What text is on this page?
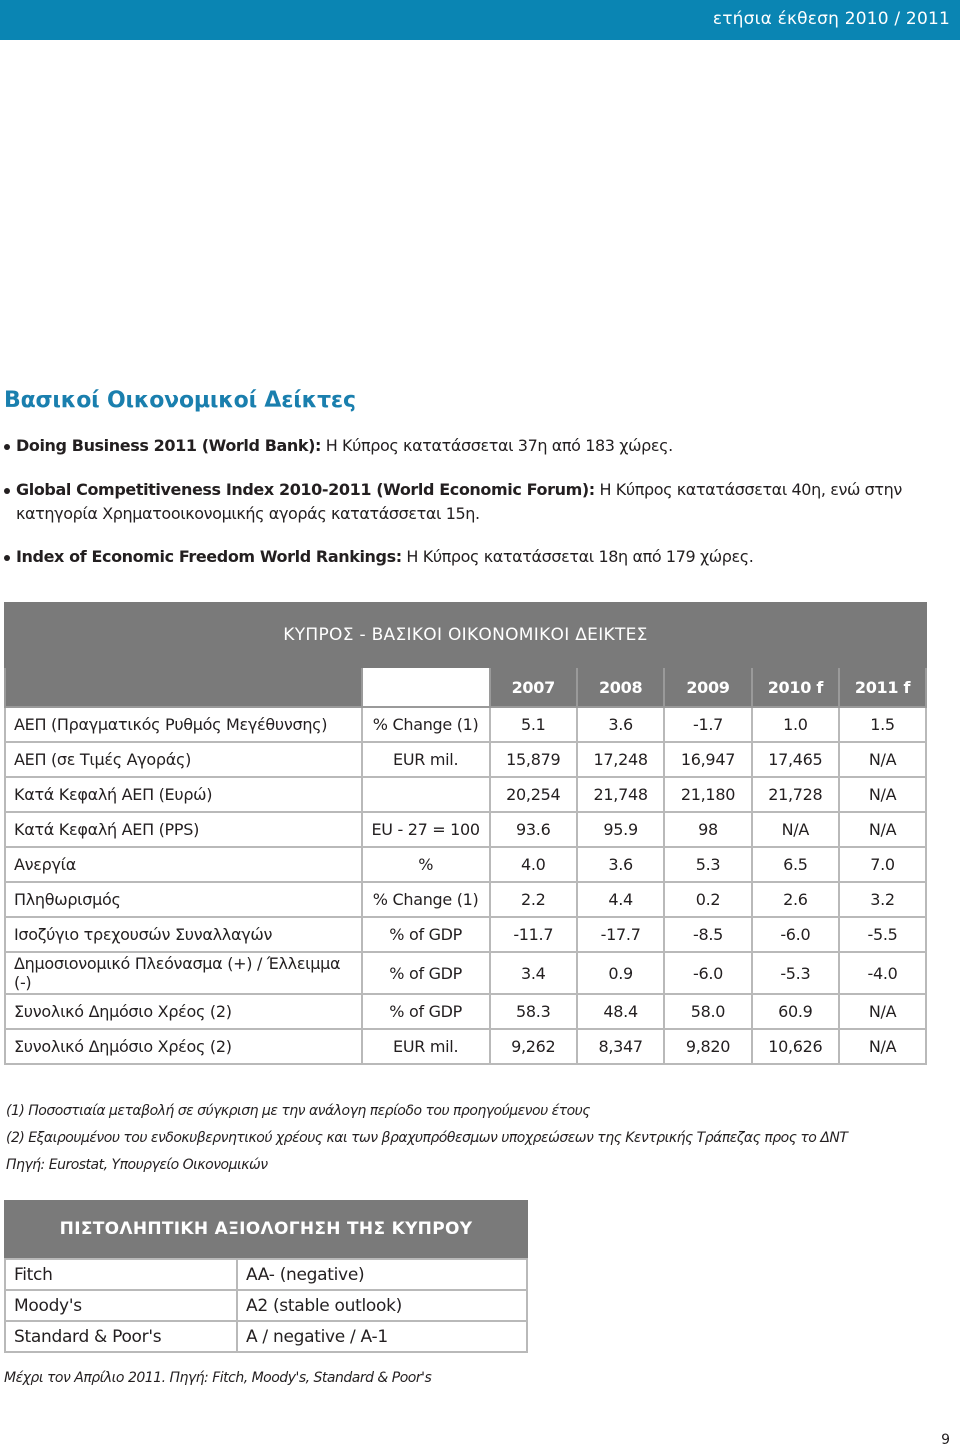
ετήσια έκθεση 2010 / 2011
Βασικοί Οικονομικοί Δείκτες
Doing Business 2011 (World Bank): Η Κύπρος κατατάσσεται 37η από 183 χώρες.
Global Competitiveness Index 2010-2011 (World Economic Forum): Η Κύπρος κατατάσσεται 40η, ενώ στην κατηγορία Χρηματοοικονομικής αγοράς κατατάσσεται 15η.
Index of Economic Freedom World Rankings: Η Κύπρος κατατάσσεται 18η από 179 χώρες.
ΚΥΠΡΟΣ - ΒΑΣΙΚΟΙ ΟΙΚΟΝΟΜΙΚΟΙ ΔΕΙΚΤΕΣ						
		2007	2008	2009	2010 f	2011 f
ΑΕΠ (Πραγματικός Ρυθμός Μεγέθυνσης)	% Change (1)	5.1	3.6	-1.7	1.0	1.5
ΑΕΠ (σε Τιμές Αγοράς)	EUR mil.	15,879	17,248	16,947	17,465	N/A
Κατά Κεφαλή ΑΕΠ (Ευρώ)		20,254	21,748	21,180	21,728	N/A
Κατά Κεφαλή ΑΕΠ (PPS)	EU - 27 = 100	93.6	95.9	98	N/A	N/A
Ανεργία	%	4.0	3.6	5.3	6.5	7.0
Πληθωρισμός	% Change (1)	2.2	4.4	0.2	2.6	3.2
Ισοζύγιο τρεχουσών Συναλλαγών	% of GDP	-11.7	-17.7	-8.5	-6.0	-5.5
Δημοσιονομικό Πλεόνασμα (+) / Έλλειμμα (-)	% of GDP	3.4	0.9	-6.0	-5.3	-4.0
Συνολικό Δημόσιο Χρέος (2)	% of GDP	58.3	48.4	58.0	60.9	N/A
Συνολικό Δημόσιο Χρέος (2)	EUR mil.	9,262	8,347	9,820	10,626	N/A
(1) Ποσοστιαία μεταβολή σε σύγκριση με την ανάλογη περίοδο του προηγούμενου έτους
(2) Εξαιρουμένου του ενδοκυβερνητικού χρέους και των βραχυπρόθεσμων υποχρεώσεων της Κεντρικής Τράπεζας προς το ΔΝΤ
Πηγή: Eurostat, Υπουργείο Οικονομικών
ΠΙΣΤΟΛΗΠΤΙΚΗ ΑΞΙΟΛΟΓΗΣΗ ΤΗΣ ΚΥΠΡΟΥ
Fitch	AA- (negative)
Moody's	A2 (stable outlook)
Standard & Poor's	A / negative / A-1
Μέχρι τον Απρίλιο 2011. Πηγή: Fitch, Moody's, Standard & Poor's
9
